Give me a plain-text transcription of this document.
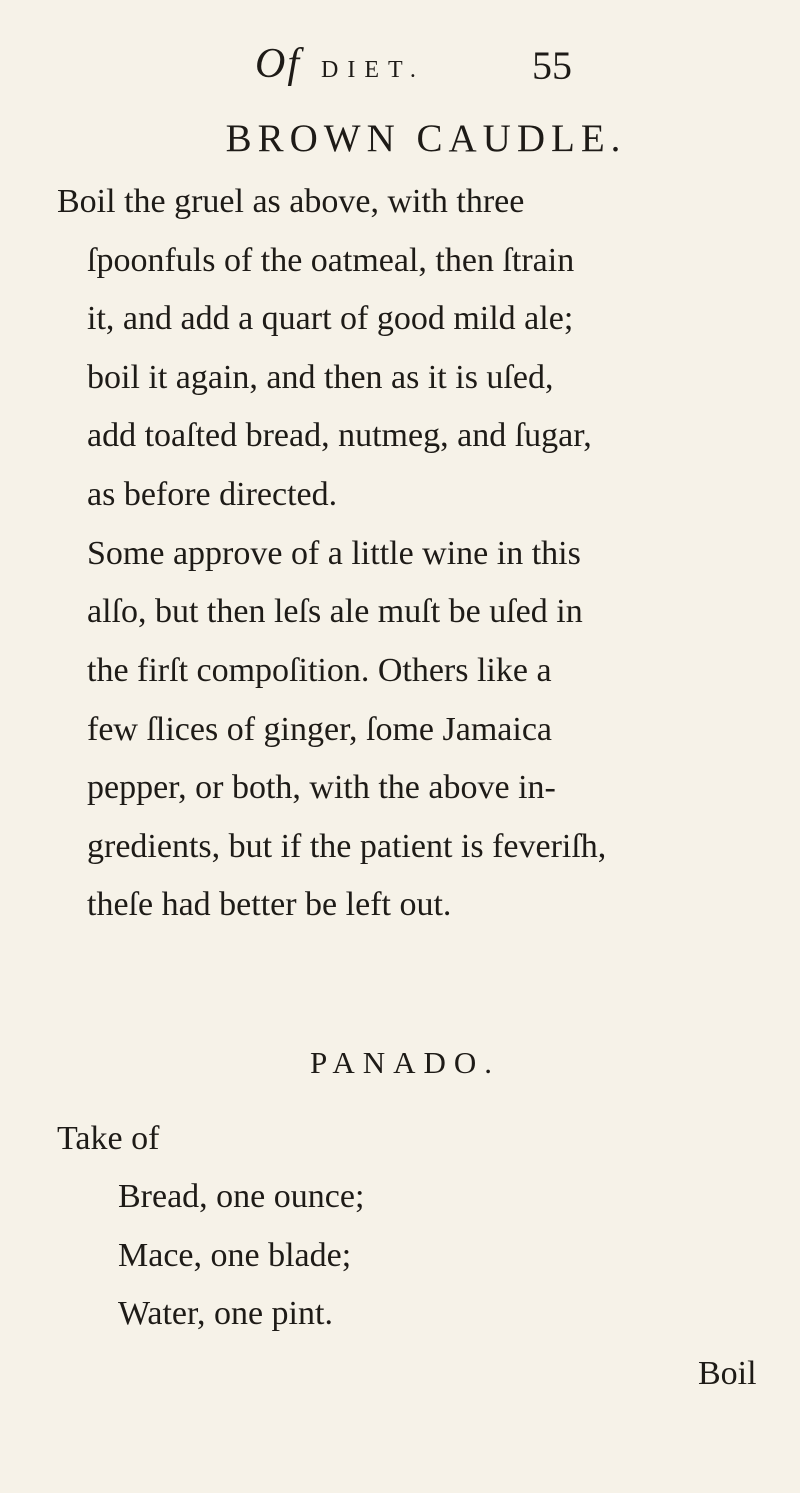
Of DIET.	55
BROWN CAUDLE.
Boil the gruel as above, with three
ſpoonfuls of the oatmeal, then ſtrain
it, and add a quart of good mild ale;
boil it again, and then as it is uſed,
add toaſted bread, nutmeg, and ſugar,
as before directed.
Some approve of a little wine in this
alſo, but then leſs ale muſt be uſed in
the firſt compoſition. Others like a
few ſlices of ginger, ſome Jamaica
pepper, or both, with the above in-
gredients, but if the patient is feveriſh,
theſe had better be left out.
PANADO.
Take of
Bread, one ounce;
Mace, one blade;
Water, one pint.
Boil
